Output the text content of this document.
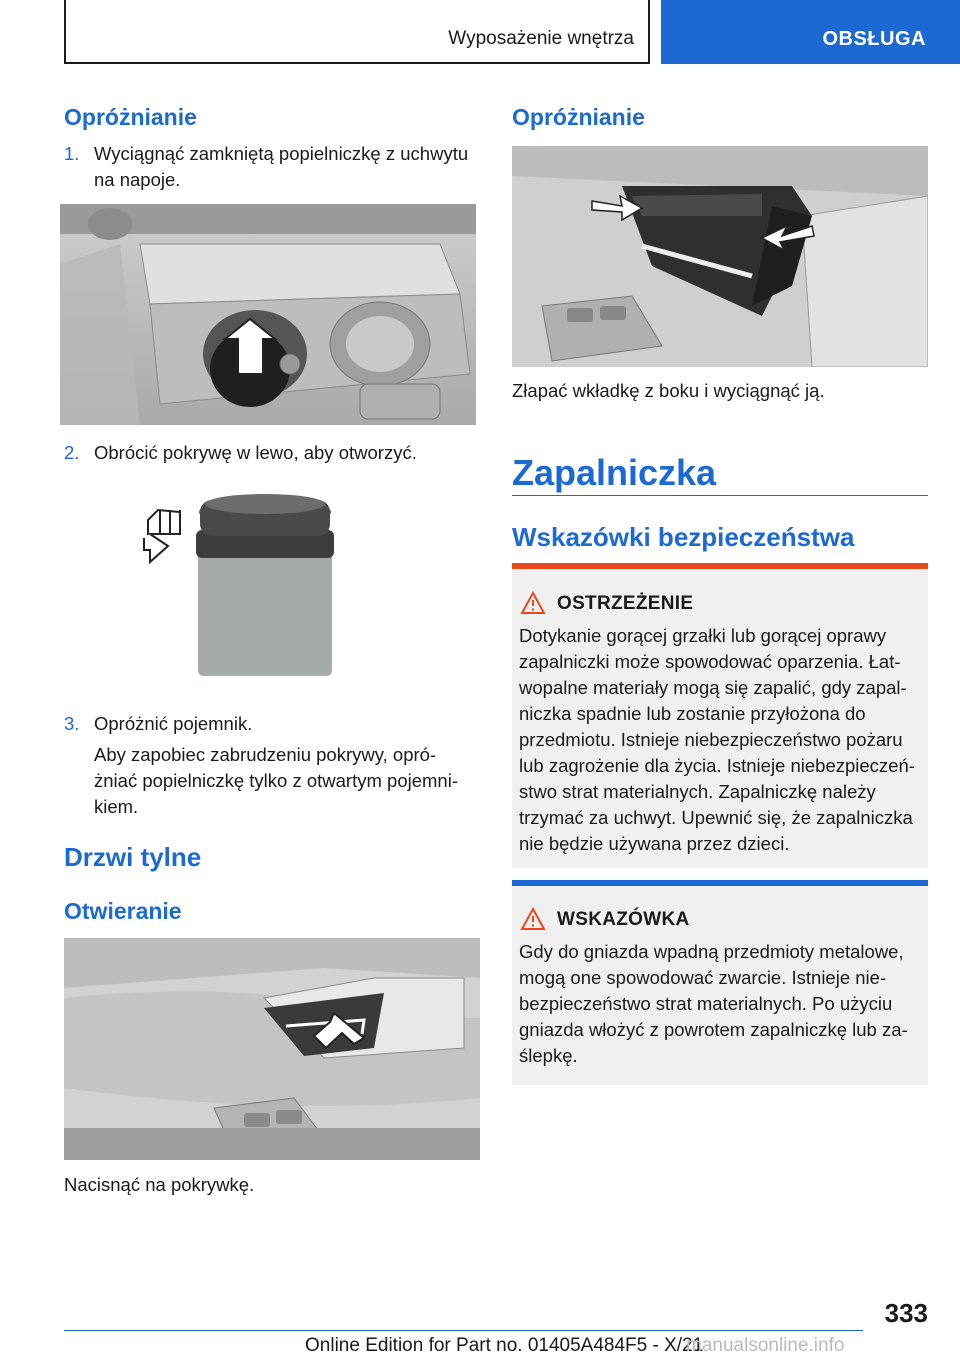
Wyposażenie wnętrza	OBSŁUGA
Opróżnianie
1. Wyciągnąć zamkniętą popielniczkę z uchwytu
na napoje.
2. Obrócić pokrywę w lewo, aby otworzyć.
3. Opróżnić pojemnik.
Aby zapobiec zabrudzeniu pokrywy, opró‐
żniać popielniczkę tylko z otwartym pojemni‐
kiem.
Drzwi tylne
Otwieranie
Nacisnąć na pokrywkę.
Opróżnianie
Złapać wkładkę z boku i wyciągnąć ją.
Zapalniczka
Wskazówki bezpieczeństwa
OSTRZEŻENIE
Dotykanie gorącej grzałki lub gorącej oprawy
zapalniczki może spowodować oparzenia. Łat‐
wopalne materiały mogą się zapalić, gdy zapal‐
niczka spadnie lub zostanie przyłożona do
przedmiotu. Istnieje niebezpieczeństwo pożaru
lub zagrożenie dla życia. Istnieje niebezpieczeń‐
stwo strat materialnych. Zapalniczkę należy
trzymać za uchwyt. Upewnić się, że zapalniczka
nie będzie używana przez dzieci.
WSKAZÓWKA
Gdy do gniazda wpadną przedmioty metalowe,
mogą one spowodować zwarcie. Istnieje nie‐
bezpieczeństwo strat materialnych. Po użyciu
gniazda włożyć z powrotem zapalniczkę lub za‐
ślepkę.
333
Online Edition for Part no. 01405A484F5 - X/21
manualsonline.info
